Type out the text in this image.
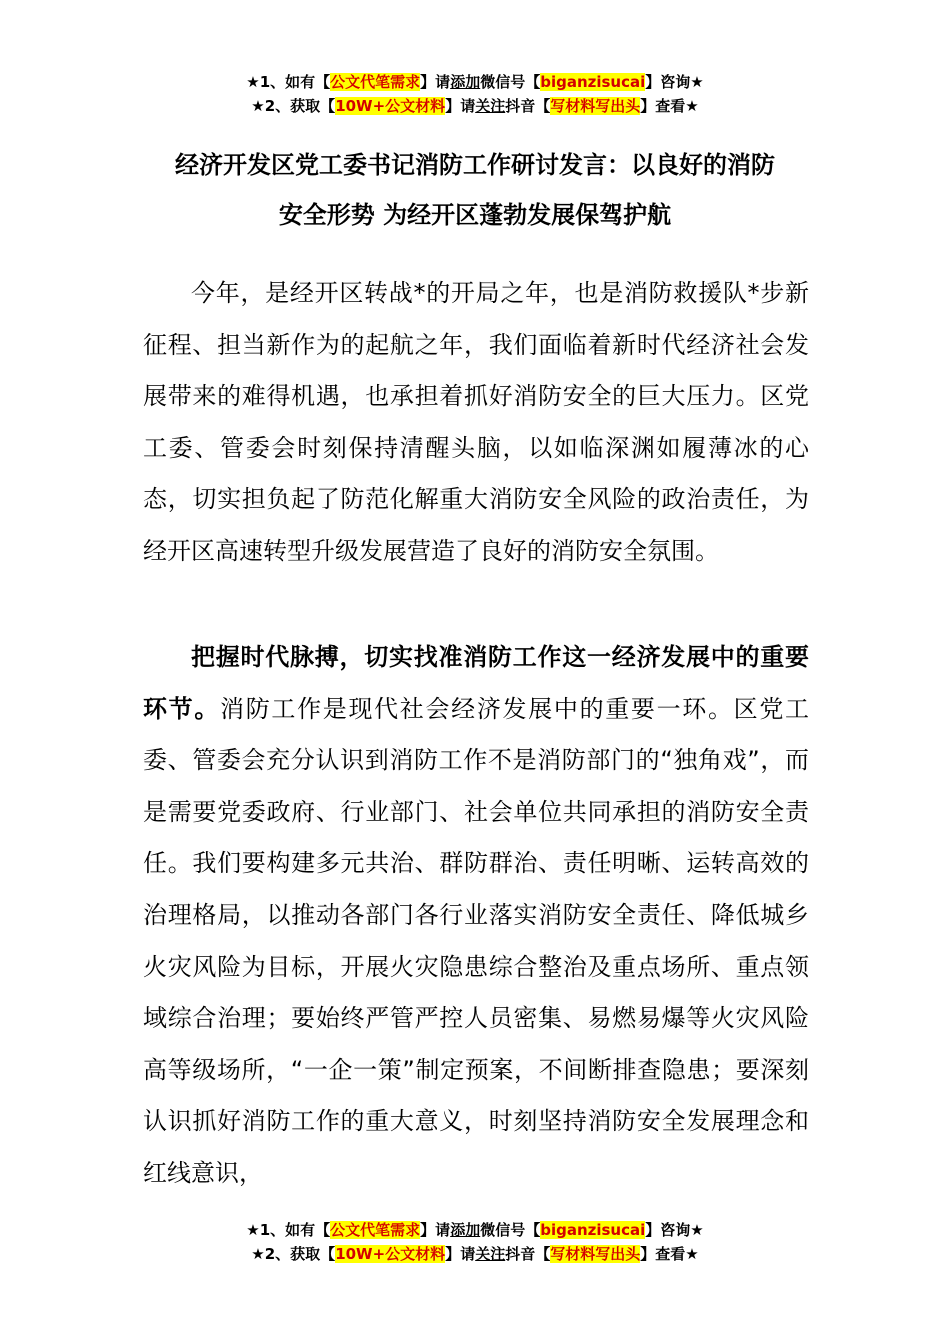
★1、如有【公文代笔需求】请添加微信号【biganzisucai】咨询★
★2、获取【10W+公文材料】请关注抖音【写材料写出头】查看★
经济开发区党工委书记消防工作研讨发言：以良好的消防
安全形势 为经开区蓬勃发展保驾护航

今年，是经开区转战*的开局之年，也是消防救援队*步新征程、担当新作为的起航之年，我们面临着新时代经济社会发展带来的难得机遇，也承担着抓好消防安全的巨大压力。区党工委、管委会时刻保持清醒头脑，以如临深渊如履薄冰的心态，切实担负起了防范化解重大消防安全风险的政治责任，为经开区高速转型升级发展营造了良好的消防安全氛围。

把握时代脉搏，切实找准消防工作这一经济发展中的重要环节。消防工作是现代社会经济发展中的重要一环。区党工委、管委会充分认识到消防工作不是消防部门的“独角戏”，而是需要党委政府、行业部门、社会单位共同承担的消防安全责任。我们要构建多元共治、群防群治、责任明晰、运转高效的治理格局，以推动各部门各行业落实消防安全责任、降低城乡火灾风险为目标，开展火灾隐患综合整治及重点场所、重点领域综合治理；要始终严管严控人员密集、易燃易爆等火灾风险高等级场所，“一企一策”制定预案，不间断排查隐患；要深刻认识抓好消防工作的重大意义，时刻坚持消防安全发展理念和红线意识，

★1、如有【公文代笔需求】请添加微信号【biganzisucai】咨询★
★2、获取【10W+公文材料】请关注抖音【写材料写出头】查看★
